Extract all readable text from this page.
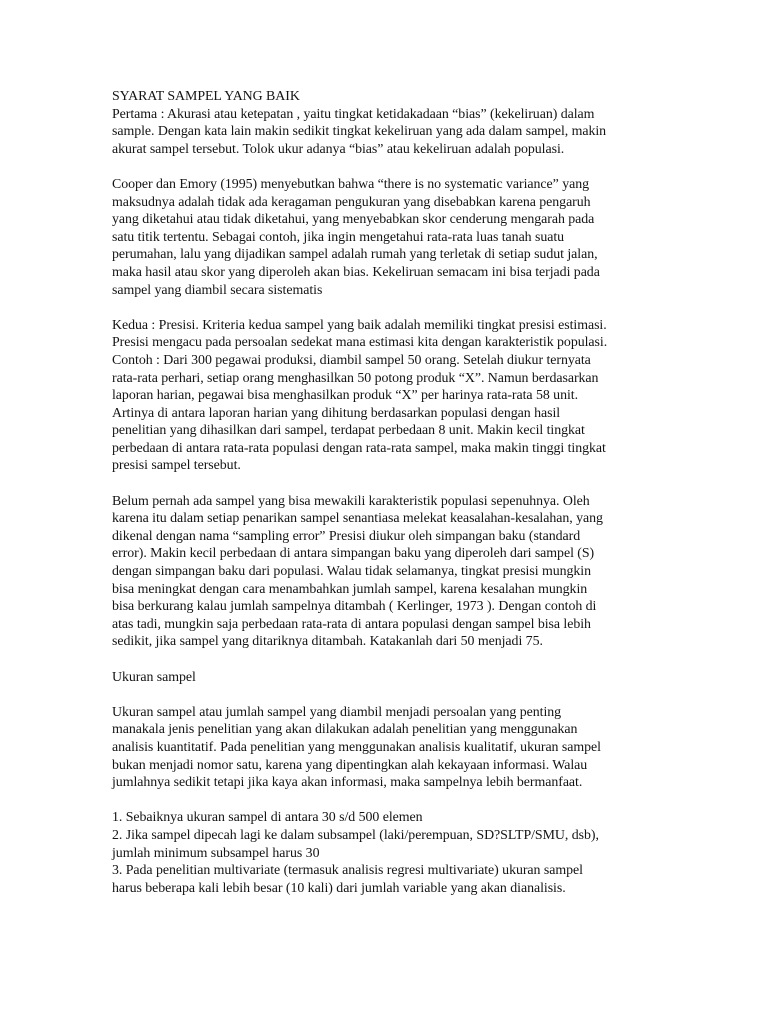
SYARAT SAMPEL YANG BAIK
Pertama : Akurasi atau ketepatan , yaitu tingkat ketidakadaan “bias” (kekeliruan) dalam
sample. Dengan kata lain makin sedikit tingkat kekeliruan yang ada dalam sampel, makin
akurat sampel tersebut. Tolok ukur adanya “bias” atau kekeliruan adalah populasi.
Cooper dan Emory (1995) menyebutkan bahwa “there is no systematic variance” yang
maksudnya adalah tidak ada keragaman pengukuran yang disebabkan karena pengaruh
yang diketahui atau tidak diketahui, yang menyebabkan skor cenderung mengarah pada
satu titik tertentu. Sebagai contoh, jika ingin mengetahui rata-rata luas tanah suatu
perumahan, lalu yang dijadikan sampel adalah rumah yang terletak di setiap sudut jalan,
maka hasil atau skor yang diperoleh akan bias. Kekeliruan semacam ini bisa terjadi pada
sampel yang diambil secara sistematis
Kedua : Presisi. Kriteria kedua sampel yang baik adalah memiliki tingkat presisi estimasi.
Presisi mengacu pada persoalan sedekat mana estimasi kita dengan karakteristik populasi.
Contoh : Dari 300 pegawai produksi, diambil sampel 50 orang. Setelah diukur ternyata
rata-rata perhari, setiap orang menghasilkan 50 potong produk “X”. Namun berdasarkan
laporan harian, pegawai bisa menghasilkan produk “X” per harinya rata-rata 58 unit.
Artinya di antara laporan harian yang dihitung berdasarkan populasi dengan hasil
penelitian yang dihasilkan dari sampel, terdapat perbedaan 8 unit. Makin kecil tingkat
perbedaan di antara rata-rata populasi dengan rata-rata sampel, maka makin tinggi tingkat
presisi sampel tersebut.
Belum pernah ada sampel yang bisa mewakili karakteristik populasi sepenuhnya. Oleh
karena itu dalam setiap penarikan sampel senantiasa melekat keasalahan-kesalahan, yang
dikenal dengan nama “sampling error” Presisi diukur oleh simpangan baku (standard
error). Makin kecil perbedaan di antara simpangan baku yang diperoleh dari sampel (S)
dengan simpangan baku dari populasi. Walau tidak selamanya, tingkat presisi mungkin
bisa meningkat dengan cara menambahkan jumlah sampel, karena kesalahan mungkin
bisa berkurang kalau jumlah sampelnya ditambah ( Kerlinger, 1973 ). Dengan contoh di
atas tadi, mungkin saja perbedaan rata-rata di antara populasi dengan sampel bisa lebih
sedikit, jika sampel yang ditariknya ditambah. Katakanlah dari 50 menjadi 75.
Ukuran sampel
Ukuran sampel atau jumlah sampel yang diambil menjadi persoalan yang penting
manakala jenis penelitian yang akan dilakukan adalah penelitian yang menggunakan
analisis kuantitatif. Pada penelitian yang menggunakan analisis kualitatif, ukuran sampel
bukan menjadi nomor satu, karena yang dipentingkan alah kekayaan informasi. Walau
jumlahnya sedikit tetapi jika kaya akan informasi, maka sampelnya lebih bermanfaat.
1. Sebaiknya ukuran sampel di antara 30 s/d 500 elemen
2. Jika sampel dipecah lagi ke dalam subsampel (laki/perempuan, SD?SLTP/SMU, dsb),
jumlah minimum subsampel harus 30
3. Pada penelitian multivariate (termasuk analisis regresi multivariate) ukuran sampel
harus beberapa kali lebih besar (10 kali) dari jumlah variable yang akan dianalisis.
